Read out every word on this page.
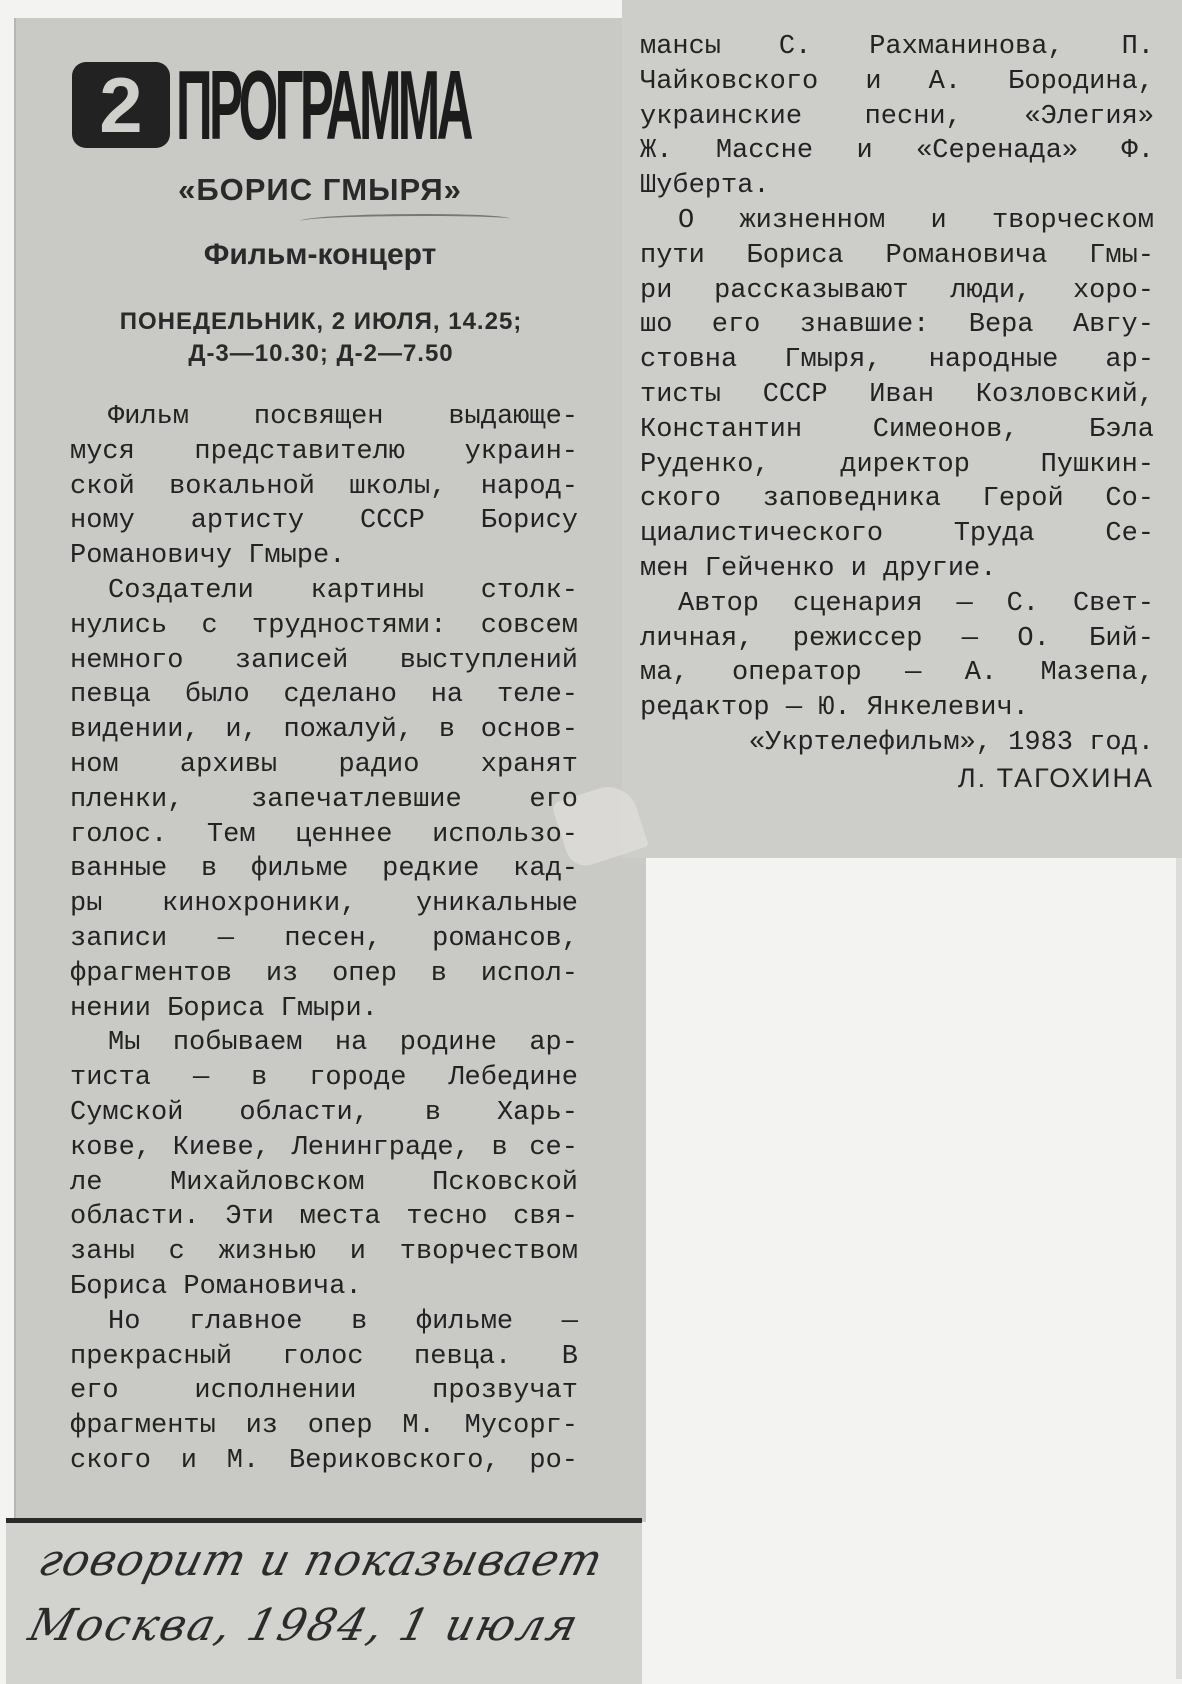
2 ПРОГРАММА
«БОРИС ГМЫРЯ»
Фильм-концерт
ПОНЕДЕЛЬНИК, 2 ИЮЛЯ, 14.25;
Д-3—10.30; Д-2—7.50
Фильм посвящен выдающе-
муся представителю украин-
ской вокальной школы, народ-
ному артисту СССР Борису
Романовичу Гмыре.
Создатели картины столк-
нулись с трудностями: совсем
немного записей выступлений
певца было сделано на теле-
видении, и, пожалуй, в основ-
ном архивы радио хранят
пленки,	запечатлевшие	его
голос. Тем ценнее использо-
ванные в фильме редкие кад-
ры кинохроники, уникальные
записи — песен, романсов,
фрагментов из опер в испол-
нении Бориса Гмыри.
Мы побываем на родине ар-
тиста — в городе Лебедине
Сумской области, в Харь-
кове, Киеве, Ленинграде, в се-
ле	Михайловском	Псковской
области. Эти места тесно свя-
заны с жизнью и творчеством
Бориса Романовича.
Но главное в фильме —
прекрасный голос певца. В
его	исполнении	прозвучат
фрагменты из опер М. Мусорг-
ского и М. Вериковского, ро-
мансы С. Рахманинова, П.
Чайковского и А. Бородина,
украинские песни, «Элегия»
Ж. Массне и «Серенада» Ф.
Шуберта.
О жизненном и творческом
пути Бориса Романовича Гмы-
ри рассказывают люди, хоро-
шо его знавшие: Вера Авгу-
стовна Гмыря, народные ар-
тисты СССР Иван Козловский,
Константин	Симеонов,	Бэла
Руденко,	директор	Пушкин-
ского заповедника Герой Со-
циалистического	Труда	Се-
мен Гейченко и другие.
Автор сценария — С. Свет-
личная, режиссер — О. Бий-
ма, оператор — А. Мазепа,
редактор — Ю. Янкелевич.
«Укртелефильм», 1983 год.
Л. ТАГОХИНА
говорит и показывает
Москва, 1984, 1 июля
